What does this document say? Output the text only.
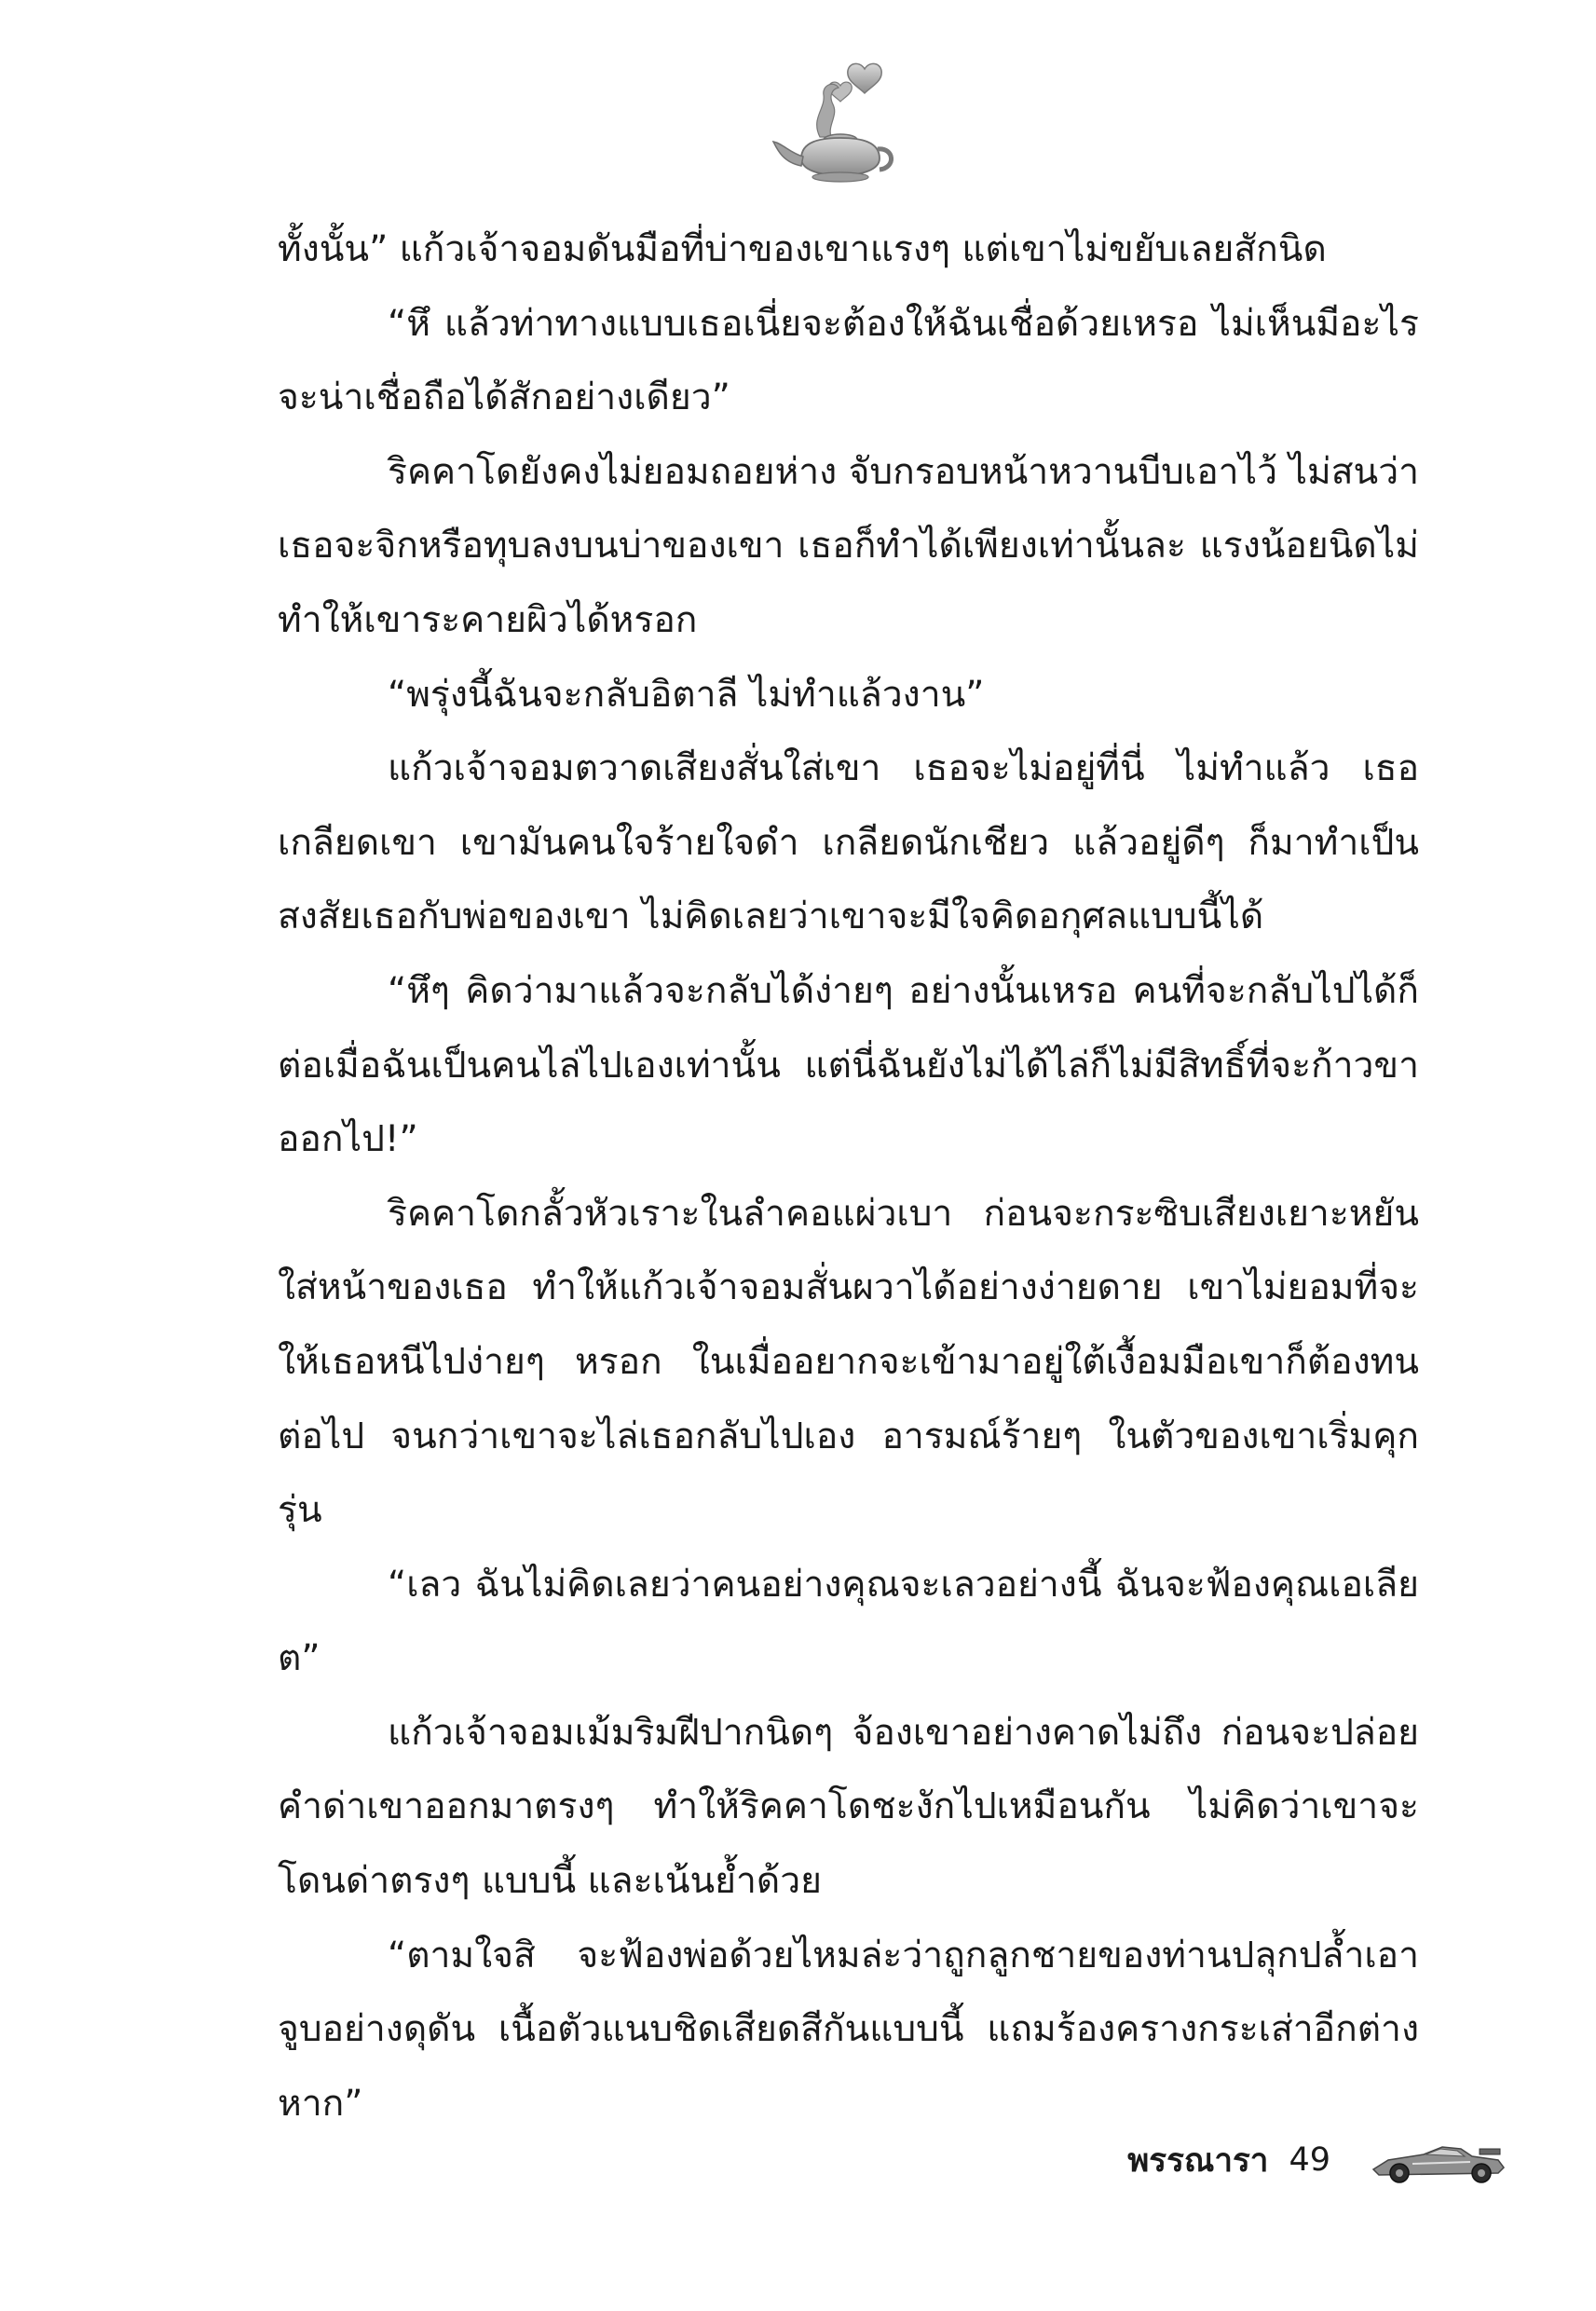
ทั้งนั้น” แก้วเจ้าจอมดันมือที่บ่าของเขาแรงๆ แต่เขาไม่ขยับเลยสักนิด

“หึ แล้วท่าทางแบบเธอเนี่ยจะต้องให้ฉันเชื่อด้วยเหรอ ไม่เห็นมีอะไรจะน่าเชื่อถือได้สักอย่างเดียว”

ริคคาโดยังคงไม่ยอมถอยห่าง จับกรอบหน้าหวานบีบเอาไว้ ไม่สนว่าเธอจะจิกหรือทุบลงบนบ่าของเขา เธอก็ทำได้เพียงเท่านั้นละ แรงน้อยนิดไม่ทำให้เขาระคายผิวได้หรอก

“พรุ่งนี้ฉันจะกลับอิตาลี ไม่ทำแล้วงาน”

แก้วเจ้าจอมตวาดเสียงสั่นใส่เขา เธอจะไม่อยู่ที่นี่ ไม่ทำแล้ว เธอเกลียดเขา เขามันคนใจร้ายใจดำ เกลียดนักเชียว แล้วอยู่ดีๆ ก็มาทำเป็นสงสัยเธอกับพ่อของเขา ไม่คิดเลยว่าเขาจะมีใจคิดอกุศลแบบนี้ได้

“หึๆ คิดว่ามาแล้วจะกลับได้ง่ายๆ อย่างนั้นเหรอ คนที่จะกลับไปได้ก็ต่อเมื่อฉันเป็นคนไล่ไปเองเท่านั้น แต่นี่ฉันยังไม่ได้ไล่ก็ไม่มีสิทธิ์ที่จะก้าวขาออกไป!”

ริคคาโดกลั้วหัวเราะในลำคอแผ่วเบา ก่อนจะกระซิบเสียงเยาะหยันใส่หน้าของเธอ ทำให้แก้วเจ้าจอมสั่นผวาได้อย่างง่ายดาย เขาไม่ยอมที่จะให้เธอหนีไปง่ายๆ หรอก ในเมื่ออยากจะเข้ามาอยู่ใต้เงื้อมมือเขาก็ต้องทนต่อไป จนกว่าเขาจะไล่เธอกลับไปเอง อารมณ์ร้ายๆ ในตัวของเขาเริ่มคุกรุ่น

“เลว ฉันไม่คิดเลยว่าคนอย่างคุณจะเลวอย่างนี้ ฉันจะฟ้องคุณเอเลียต”

แก้วเจ้าจอมเม้มริมฝีปากนิดๆ จ้องเขาอย่างคาดไม่ถึง ก่อนจะปล่อยคำด่าเขาออกมาตรงๆ ทำให้ริคคาโดชะงักไปเหมือนกัน ไม่คิดว่าเขาจะโดนด่าตรงๆ แบบนี้ และเน้นย้ำด้วย

“ตามใจสิ จะฟ้องพ่อด้วยไหมล่ะว่าถูกลูกชายของท่านปลุกปล้ำเอาจูบอย่างดุดัน เนื้อตัวแนบชิดเสียดสีกันแบบนี้ แถมร้องครางกระเส่าอีกต่างหาก”

พรรณารา 49
